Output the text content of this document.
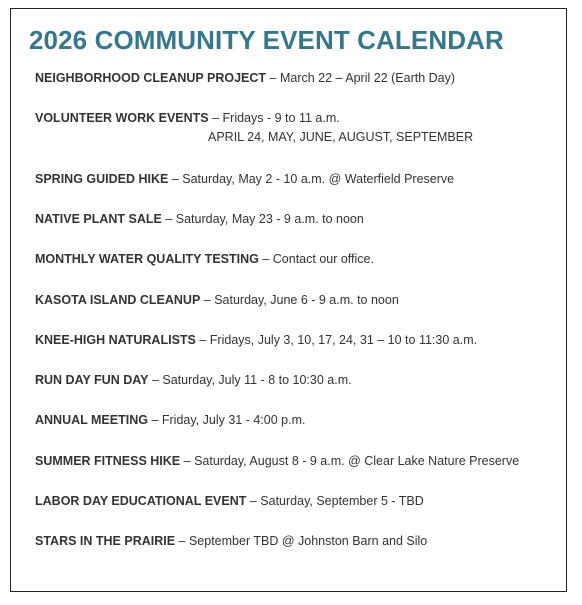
2026 COMMUNITY EVENT CALENDAR
NEIGHBORHOOD CLEANUP PROJECT – March 22 – April 22 (Earth Day)
VOLUNTEER WORK EVENTS – Fridays - 9 to 11 a.m.
APRIL 24, MAY, JUNE, AUGUST, SEPTEMBER
SPRING GUIDED HIKE – Saturday, May 2 - 10 a.m. @ Waterfield Preserve
NATIVE PLANT SALE – Saturday, May 23 - 9 a.m. to noon
MONTHLY WATER QUALITY TESTING – Contact our office.
KASOTA ISLAND CLEANUP – Saturday, June 6 - 9 a.m. to noon
KNEE-HIGH NATURALISTS – Fridays, July 3, 10, 17, 24, 31 – 10 to 11:30 a.m.
RUN DAY FUN DAY – Saturday, July 11 - 8 to 10:30 a.m.
ANNUAL MEETING – Friday, July 31 - 4:00 p.m.
SUMMER FITNESS HIKE – Saturday, August 8 - 9 a.m. @ Clear Lake Nature Preserve
LABOR DAY EDUCATIONAL EVENT – Saturday, September 5 - TBD
STARS IN THE PRAIRIE – September TBD @ Johnston Barn and Silo
